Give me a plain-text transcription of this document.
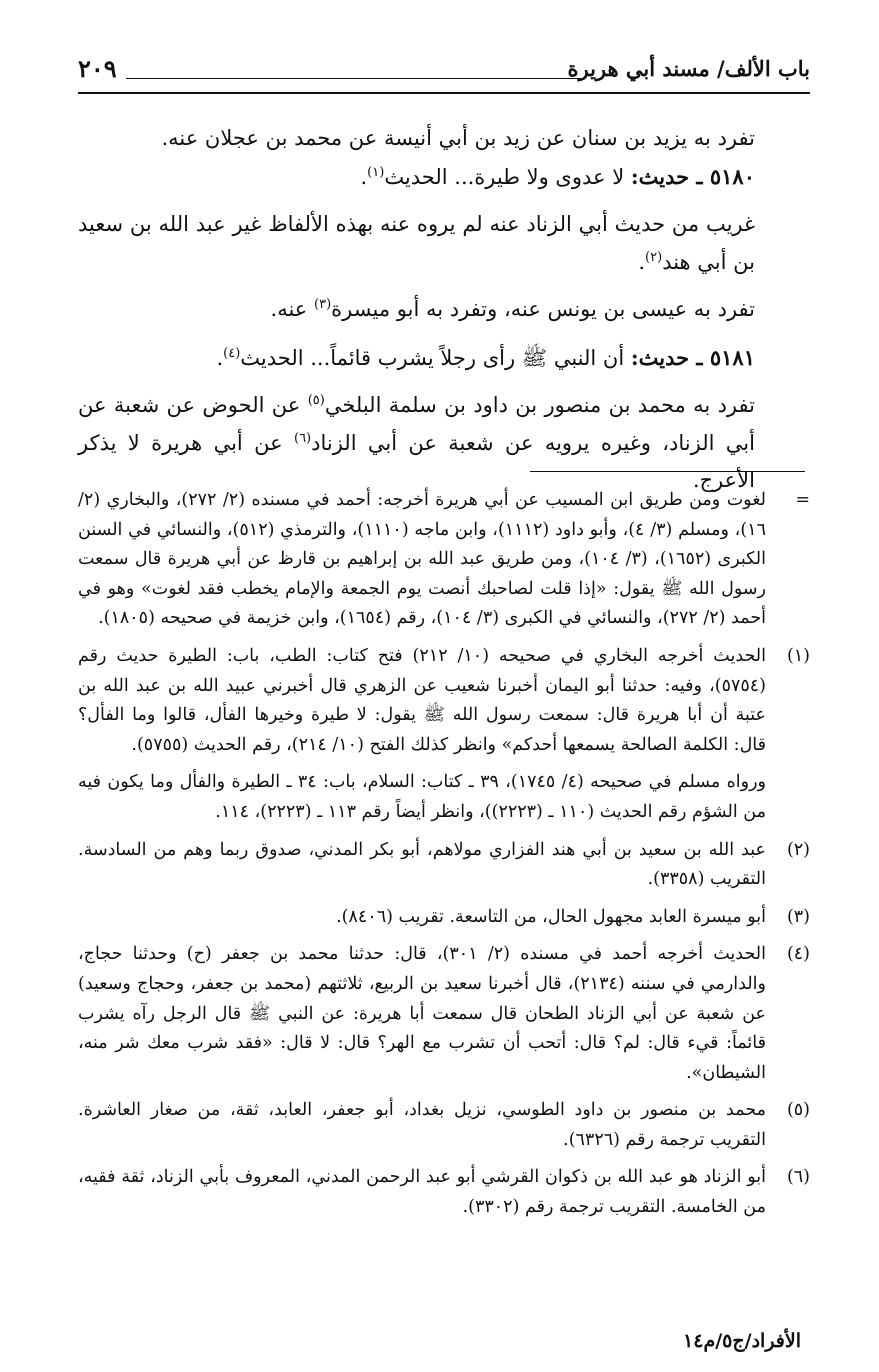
باب الألف/ مسند أبي هريرة
٢٠٩

تفرد به يزيد بن سنان عن زيد بن أبي أنيسة عن محمد بن عجلان عنه.

٥١٨٠ ـ حديث: لا عدوى ولا طيرة... الحديث$^{(١)}$.

غريب من حديث أبي الزناد عنه لم يروه عنه بهذه الألفاظ غير عبد الله بن سعيد بن أبي هند$^{(٢)}$.

تفرد به عيسى بن يونس عنه، وتفرد به أبو ميسرة$^{(٣)}$ عنه.

٥١٨١ ـ حديث: أن النبي ﷺ رأى رجلاً يشرب قائماً... الحديث$^{(٤)}$.

تفرد به محمد بن منصور بن داود بن سلمة البلخي$^{(٥)}$ عن الحوض عن شعبة عن أبي الزناد، وغيره يرويه عن شعبة عن أبي الزناد$^{(٦)}$ عن أبي هريرة لا يذكر الأعرج.

=
لغوت ومن طريق ابن المسيب عن أبي هريرة أخرجه: أحمد في مسنده (٢/ ٢٧٢)، والبخاري (٢/ ١٦)، ومسلم (٣/ ٤)، وأبو داود (١١١٢)، وابن ماجه (١١١٠)، والترمذي (٥١٢)، والنسائي في السنن الكبرى (١٦٥٢)، (٣/ ١٠٤)، ومن طريق عبد الله بن إبراهيم بن قارظ عن أبي هريرة قال سمعت رسول الله ﷺ يقول: «إذا قلت لصاحبك أنصت يوم الجمعة والإمام يخطب فقد لغوت» وهو في أحمد (٢/ ٢٧٢)، والنسائي في الكبرى (٣/ ١٠٤)، رقم (١٦٥٤)، وابن خزيمة في صحيحه (١٨٠٥).
(١)
الحديث أخرجه البخاري في صحيحه (١٠/ ٢١٢) فتح كتاب: الطب، باب: الطيرة حديث رقم (٥٧٥٤)، وفيه: حدثنا أبو اليمان أخبرنا شعيب عن الزهري قال أخبرني عبيد الله بن عبد الله بن عتبة أن أبا هريرة قال: سمعت رسول الله ﷺ يقول: لا طيرة وخيرها الفأل، قالوا وما الفأل؟ قال: الكلمة الصالحة يسمعها أحدكم» وانظر كذلك الفتح (١٠/ ٢١٤)، رقم الحديث (٥٧٥٥).
ورواه مسلم في صحيحه (٤/ ١٧٤٥)، ٣٩ ـ كتاب: السلام، باب: ٣٤ ـ الطيرة والفأل وما يكون فيه من الشؤم رقم الحديث (١١٠ ـ (٢٢٢٣))، وانظر أيضاً رقم ١١٣ ـ (٢٢٢٣)، ١١٤.
(٢)
عبد الله بن سعيد بن أبي هند الفزاري مولاهم، أبو بكر المدني، صدوق ربما وهم من السادسة. التقريب (٣٣٥٨).
(٣)
أبو ميسرة العابد مجهول الحال، من التاسعة. تقريب (٨٤٠٦).
(٤)
الحديث أخرجه أحمد في مسنده (٢/ ٣٠١)، قال: حدثنا محمد بن جعفر (ح) وحدثنا حجاج، والدارمي في سننه (٢١٣٤)، قال أخبرنا سعيد بن الربيع، ثلاثتهم (محمد بن جعفر، وحجاج وسعيد) عن شعبة عن أبي الزناد الطحان قال سمعت أبا هريرة: عن النبي ﷺ قال الرجل رآه يشرب قائماً: قيء قال: لم؟ قال: أتحب أن تشرب مع الهر؟ قال: لا قال: «فقد شرب معك شر منه، الشيطان».
(٥)
محمد بن منصور بن داود الطوسي، نزيل بغداد، أبو جعفر، العابد، ثقة، من صغار العاشرة. التقريب ترجمة رقم (٦٣٢٦).
(٦)
أبو الزناد هو عبد الله بن ذكوان القرشي أبو عبد الرحمن المدني، المعروف بأبي الزناد، ثقة فقيه، من الخامسة. التقريب ترجمة رقم (٣٣٠٢).
الأفراد/ج٥/م١٤
